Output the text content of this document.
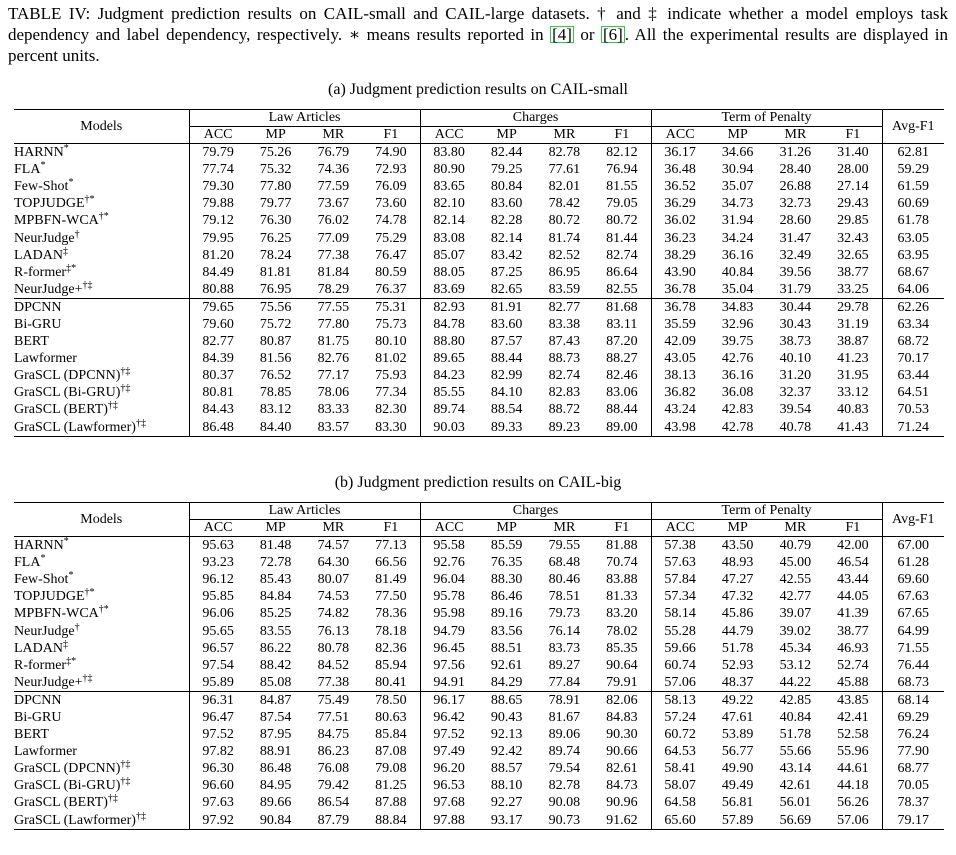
TABLE IV: Judgment prediction results on CAIL-small and CAIL-large datasets. † and ‡ indicate whether a model employs task dependency and label dependency, respectively. ∗ means results reported in [4] or [6] . All the experimental results are displayed in percent units.
(a) Judgment prediction results on CAIL-small
Models	Law Articles				Charges				Term of Penalty				Avg-F1
	ACC	MP	MR	F1	ACC	MP	MR	F1	ACC	MP	MR	F1	
HARNN*	79.79	75.26	76.79	74.90	83.80	82.44	82.78	82.12	36.17	34.66	31.26	31.40	62.81
FLA*	77.74	75.32	74.36	72.93	80.90	79.25	77.61	76.94	36.48	30.94	28.40	28.00	59.29
Few-Shot*	79.30	77.80	77.59	76.09	83.65	80.84	82.01	81.55	36.52	35.07	26.88	27.14	61.59
TOPJUDGE†*	79.88	79.77	73.67	73.60	82.10	83.60	78.42	79.05	36.29	34.73	32.73	29.43	60.69
MPBFN-WCA†*	79.12	76.30	76.02	74.78	82.14	82.28	80.72	80.72	36.02	31.94	28.60	29.85	61.78
NeurJudge†	79.95	76.25	77.09	75.29	83.08	82.14	81.74	81.44	36.23	34.24	31.47	32.43	63.05
LADAN‡	81.20	78.24	77.38	76.47	85.07	83.42	82.52	82.74	38.29	36.16	32.49	32.65	63.95
R-former‡*	84.49	81.81	81.84	80.59	88.05	87.25	86.95	86.64	43.90	40.84	39.56	38.77	68.67
NeurJudge+†‡	80.88	76.95	78.29	76.37	83.69	82.65	83.59	82.55	36.78	35.04	31.79	33.25	64.06
DPCNN	79.65	75.56	77.55	75.31	82.93	81.91	82.77	81.68	36.78	34.83	30.44	29.78	62.26
Bi-GRU	79.60	75.72	77.80	75.73	84.78	83.60	83.38	83.11	35.59	32.96	30.43	31.19	63.34
BERT	82.77	80.87	81.75	80.10	88.80	87.57	87.43	87.20	42.09	39.75	38.73	38.87	68.72
Lawformer	84.39	81.56	82.76	81.02	89.65	88.44	88.73	88.27	43.05	42.76	40.10	41.23	70.17
GraSCL (DPCNN)†‡	80.37	76.52	77.17	75.93	84.23	82.99	82.74	82.46	38.13	36.16	31.20	31.95	63.44
GraSCL (Bi-GRU)†‡	80.81	78.85	78.06	77.34	85.55	84.10	82.83	83.06	36.82	36.08	32.37	33.12	64.51
GraSCL (BERT)†‡	84.43	83.12	83.33	82.30	89.74	88.54	88.72	88.44	43.24	42.83	39.54	40.83	70.53
GraSCL (Lawformer)†‡	86.48	84.40	83.57	83.30	90.03	89.33	89.23	89.00	43.98	42.78	40.78	41.43	71.24
(b) Judgment prediction results on CAIL-big
Models	Law Articles				Charges				Term of Penalty				Avg-F1
	ACC	MP	MR	F1	ACC	MP	MR	F1	ACC	MP	MR	F1	
HARNN*	95.63	81.48	74.57	77.13	95.58	85.59	79.55	81.88	57.38	43.50	40.79	42.00	67.00
FLA*	93.23	72.78	64.30	66.56	92.76	76.35	68.48	70.74	57.63	48.93	45.00	46.54	61.28
Few-Shot*	96.12	85.43	80.07	81.49	96.04	88.30	80.46	83.88	57.84	47.27	42.55	43.44	69.60
TOPJUDGE†*	95.85	84.84	74.53	77.50	95.78	86.46	78.51	81.33	57.34	47.32	42.77	44.05	67.63
MPBFN-WCA†*	96.06	85.25	74.82	78.36	95.98	89.16	79.73	83.20	58.14	45.86	39.07	41.39	67.65
NeurJudge†	95.65	83.55	76.13	78.18	94.79	83.56	76.14	78.02	55.28	44.79	39.02	38.77	64.99
LADAN‡	96.57	86.22	80.78	82.36	96.45	88.51	83.73	85.35	59.66	51.78	45.34	46.93	71.55
R-former‡*	97.54	88.42	84.52	85.94	97.56	92.61	89.27	90.64	60.74	52.93	53.12	52.74	76.44
NeurJudge+†‡	95.89	85.08	77.38	80.41	94.91	84.29	77.84	79.91	57.06	48.37	44.22	45.88	68.73
DPCNN	96.31	84.87	75.49	78.50	96.17	88.65	78.91	82.06	58.13	49.22	42.85	43.85	68.14
Bi-GRU	96.47	87.54	77.51	80.63	96.42	90.43	81.67	84.83	57.24	47.61	40.84	42.41	69.29
BERT	97.52	87.95	84.75	85.84	97.52	92.13	89.06	90.30	60.72	53.89	51.78	52.58	76.24
Lawformer	97.82	88.91	86.23	87.08	97.49	92.42	89.74	90.66	64.53	56.77	55.66	55.96	77.90
GraSCL (DPCNN)†‡	96.30	86.48	76.08	79.08	96.20	88.57	79.54	82.61	58.41	49.90	43.14	44.61	68.77
GraSCL (Bi-GRU)†‡	96.60	84.95	79.42	81.25	96.53	88.10	82.78	84.73	58.07	49.49	42.61	44.18	70.05
GraSCL (BERT)†‡	97.63	89.66	86.54	87.88	97.68	92.27	90.08	90.96	64.58	56.81	56.01	56.26	78.37
GraSCL (Lawformer)†‡	97.92	90.84	87.79	88.84	97.88	93.17	90.73	91.62	65.60	57.89	56.69	57.06	79.17
